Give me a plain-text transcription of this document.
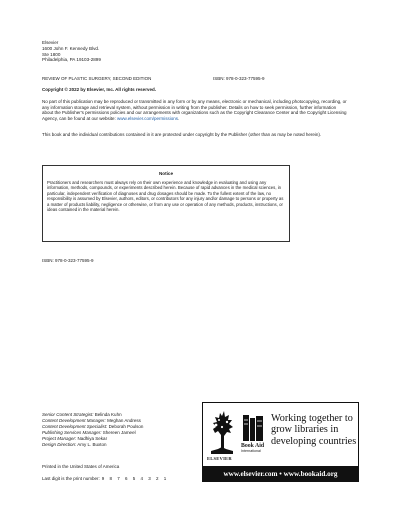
Elsevier
1600 John F. Kennedy Blvd.
Ste 1800
Philadelphia, PA 19103-2899
REVIEW OF PLASTIC SURGERY, SECOND EDITION	ISBN: 978-0-323-77595-9
Copyright © 2022 by Elsevier, Inc. All rights reserved.
No part of this publication may be reproduced or transmitted in any form or by any means, electronic or mechanical, including photocopying, recording, or any information storage and retrieval system, without permission in writing from the publisher. Details on how to seek permission, further information about the Publisher's permissions policies and our arrangements with organizations such as the Copyright Clearance Center and the Copyright Licensing Agency, can be found at our website: www.elsevier.com/permissions.
This book and the individual contributions contained in it are protected under copyright by the Publisher (other than as may be noted herein).
Notice
Practitioners and researchers must always rely on their own experience and knowledge in evaluating and using any information, methods, compounds, or experiments described herein. Because of rapid advances in the medical sciences, in particular, independent verification of diagnoses and drug dosages should be made. To the fullest extent of the law, no responsibility is assumed by Elsevier, authors, editors, or contributors for any injury and/or damage to persons or property as a matter of products liability, negligence or otherwise, or from any use or operation of any methods, products, instructions, or ideas contained in the material herein.
ISBN: 978-0-323-77595-9
Senior Content Strategist: Belinda Kuhn
Content Development Manager: Meghan Andress
Content Development Specialist: Deborah Poulson
Publishing Services Manager: Shereen Jameel
Project Manager: Nadhiya Sekar
Design Direction: Amy L. Buxton
Printed in the United States of America
Last digit is the print number: 9 8 7 6 5 4 3 2 1
ELSEVIER
Book Aid
International
Working together to grow libraries in developing countries
www.elsevier.com • www.bookaid.org
